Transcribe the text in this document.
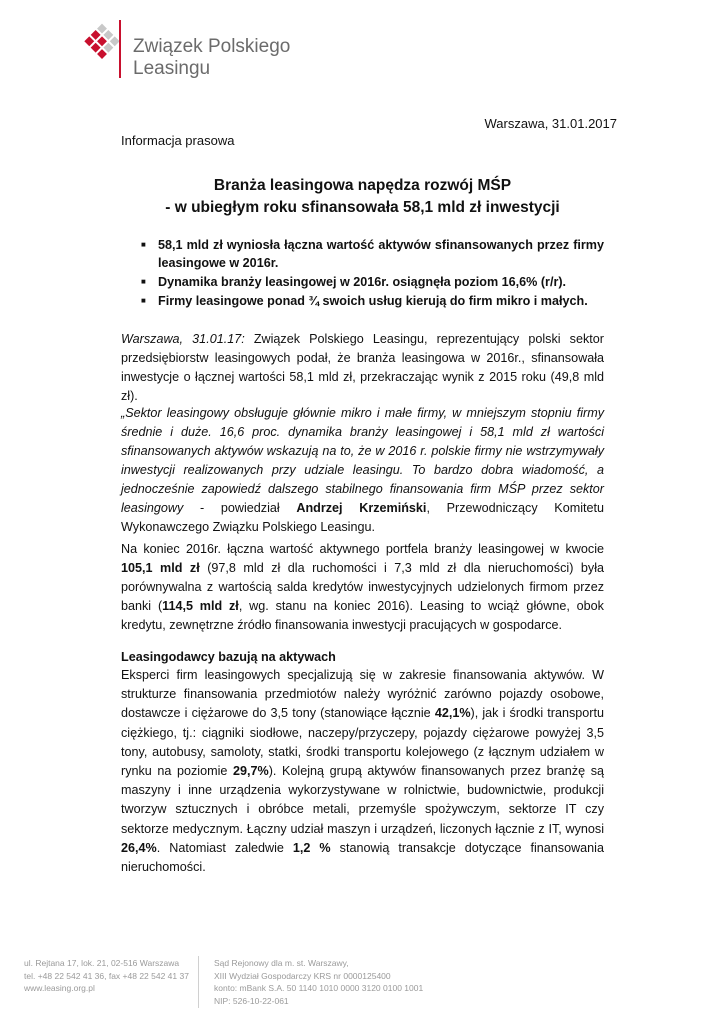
Związek Polskiego
Leasingu
Warszawa, 31.01.2017
Informacja prasowa
Branża leasingowa napędza rozwój MŚP
- w ubiegłym roku sfinansowała 58,1 mld zł inwestycji
■ 58,1 mld zł wyniosła łączna wartość aktywów sfinansowanych przez firmy leasingowe w 2016r.
■ Dynamika branży leasingowej w 2016r. osiągnęła poziom 16,6% (r/r).
■ Firmy leasingowe ponad ¾ swoich usług kierują do firm mikro i małych.

Warszawa, 31.01.17: Związek Polskiego Leasingu, reprezentujący polski sektor przedsiębiorstw leasingowych podał, że branża leasingowa w 2016r., sfinansowała inwestycje o łącznej wartości 58,1 mld zł, przekraczając wynik z 2015 roku (49,8 mld zł).

„Sektor leasingowy obsługuje głównie mikro i małe firmy, w mniejszym stopniu firmy średnie i duże. 16,6 proc. dynamika branży leasingowej i 58,1 mld zł wartości sfinansowanych aktywów wskazują na to, że w 2016 r. polskie firmy nie wstrzymywały inwestycji realizowanych przy udziale leasingu. To bardzo dobra wiadomość, a jednocześnie zapowiedź dalszego stabilnego finansowania firm MŚP przez sektor leasingowy - powiedział Andrzej Krzemiński, Przewodniczący Komitetu Wykonawczego Związku Polskiego Leasingu.

Na koniec 2016r. łączna wartość aktywnego portfela branży leasingowej w kwocie 105,1 mld zł (97,8 mld zł dla ruchomości i 7,3 mld zł dla nieruchomości) była porównywalna z wartością salda kredytów inwestycyjnych udzielonych firmom przez banki (114,5 mld zł, wg. stanu na koniec 2016). Leasing to wciąż główne, obok kredytu, zewnętrzne źródło finansowania inwestycji pracujących w gospodarce.

Leasingodawcy bazują na aktywach

Eksperci firm leasingowych specjalizują się w zakresie finansowania aktywów. W strukturze finansowania przedmiotów należy wyróżnić zarówno pojazdy osobowe, dostawcze i ciężarowe do 3,5 tony (stanowiące łącznie 42,1%), jak i środki transportu ciężkiego, tj.: ciągniki siodłowe, naczepy/przyczepy, pojazdy ciężarowe powyżej 3,5 tony, autobusy, samoloty, statki, środki transportu kolejowego (z łącznym udziałem w rynku na poziomie 29,7%). Kolejną grupą aktywów finansowanych przez branżę są maszyny i inne urządzenia wykorzystywane w rolnictwie, budownictwie, produkcji tworzyw sztucznych i obróbce metali, przemyśle spożywczym, sektorze IT czy sektorze medycznym. Łączny udział maszyn i urządzeń, liczonych łącznie z IT, wynosi 26,4%. Natomiast zaledwie 1,2 % stanowią transakcje dotyczące finansowania nieruchomości.

ul. Rejtana 17, lok. 21, 02-516 Warszawa
tel. +48 22 542 41 36, fax +48 22 542 41 37
www.leasing.org.pl
Sąd Rejonowy dla m. st. Warszawy,
XIII Wydział Gospodarczy KRS nr 0000125400
konto: mBank S.A. 50 1140 1010 0000 3120 0100 1001
NIP: 526-10-22-061
